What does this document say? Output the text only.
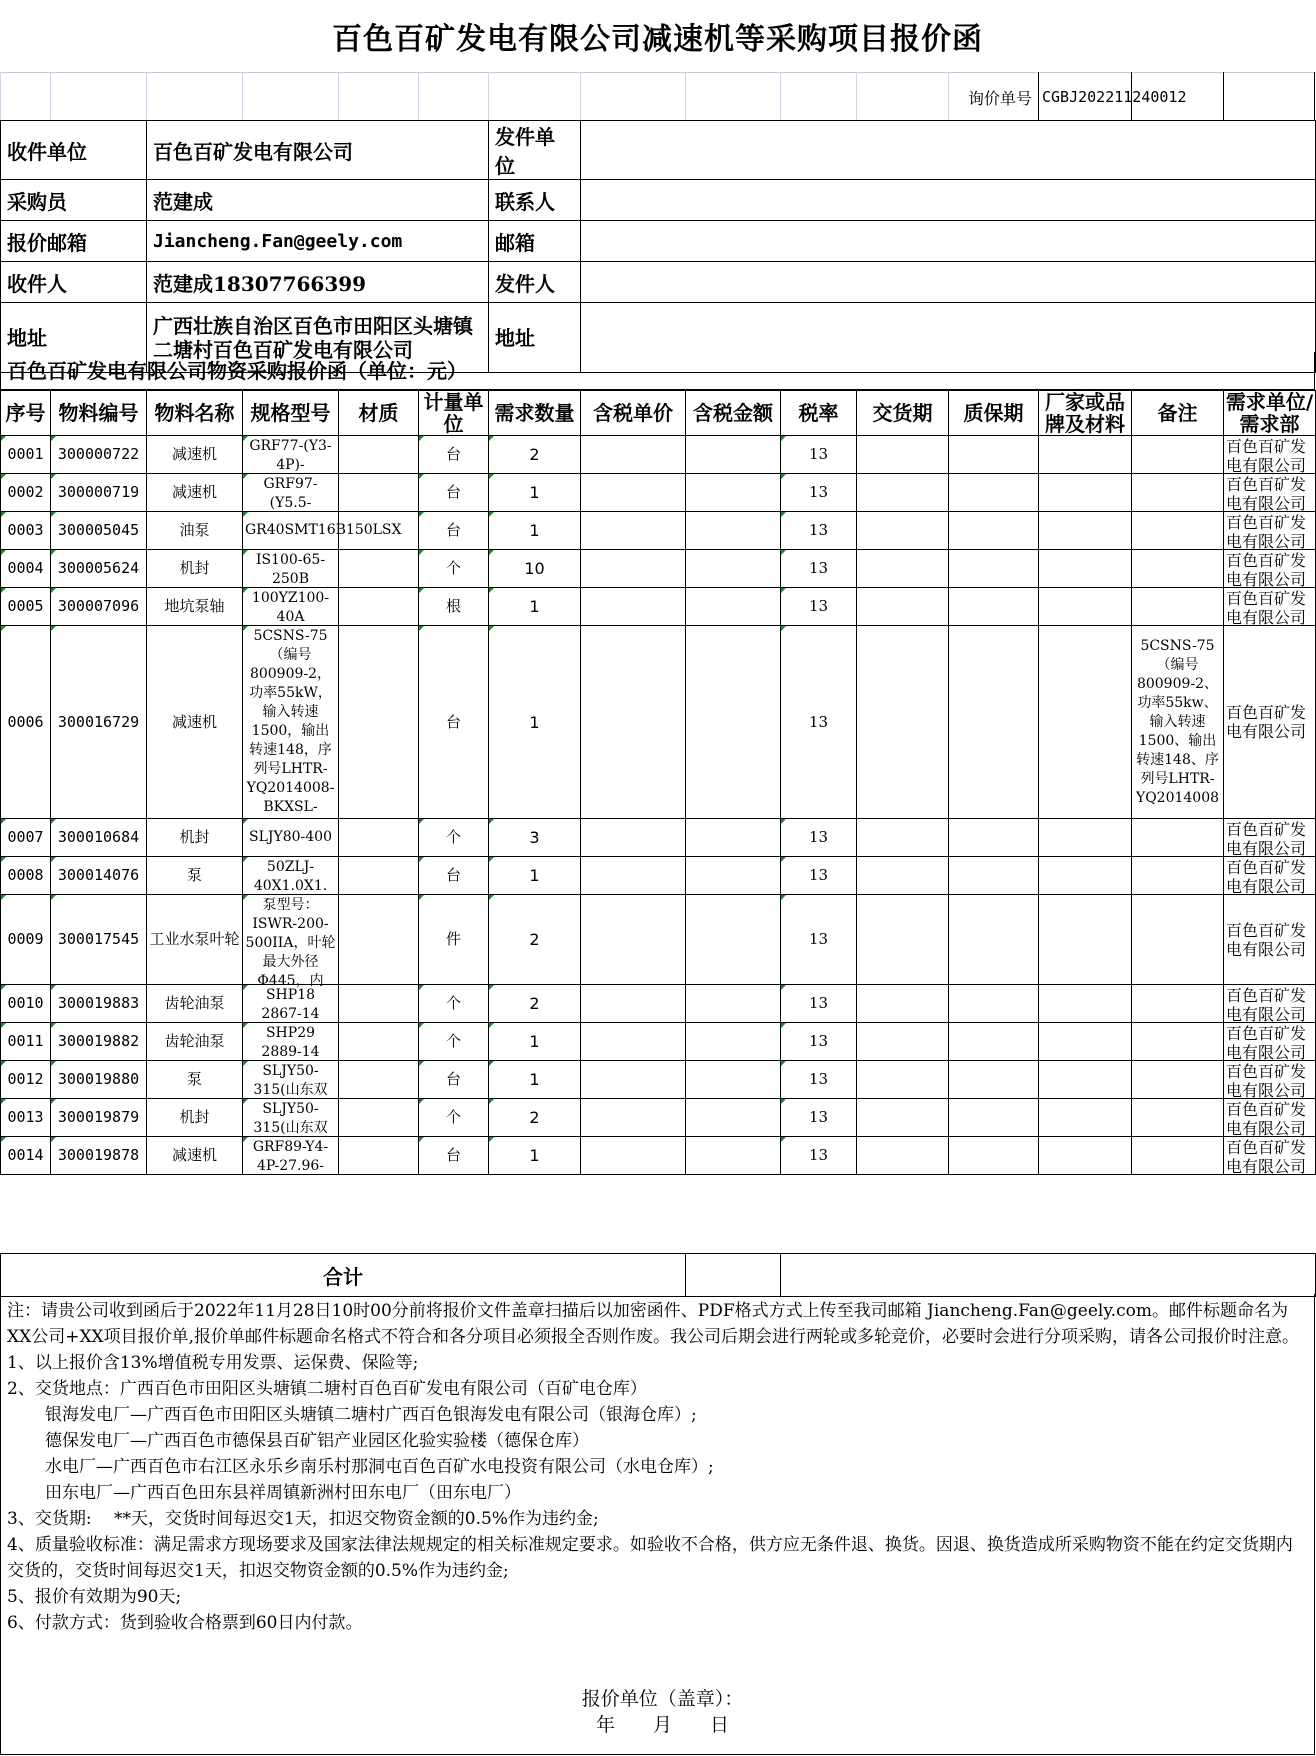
百色百矿发电有限公司减速机等采购项目报价函
询价单号 CGBJ202211240012
收件单位	百色百矿发电有限公司	发件单位	
采购员	范建成	联系人	
报价邮箱	Jiancheng.Fan@geely.com	邮箱	
收件人	范建成18307766399	发件人	
地址	广西壮族自治区百色市田阳区头塘镇二塘村百色百矿发电有限公司	地址	
百色百矿发电有限公司物资采购报价函（单位：元）
序号	物料编号	物料名称	规格型号	材质	计量单位	需求数量	含税单价	含税金额	税率	交货期	质保期	厂家或品牌及材料	备注	需求单位/需求部

0001	300000722	减速机	GRF77-(Y3-4P)-		台	2			13					百色百矿发电有限公司

0002	300000719	减速机	GRF97-(Y5.5-		台	1			13					百色百矿发电有限公司

0003	300005045	油泵	GR40SMT16B150LSX		台	1			13					百色百矿发电有限公司

0004	300005624	机封	IS100-65-250B		个	10			13					百色百矿发电有限公司

0005	300007096	地坑泵轴	100YZ100-40A		根	1			13					百色百矿发电有限公司

0006	300016729	减速机	5CSNS-75（编号800909-2，功率55kW，输入转速1500，输出转速148，序列号LHTR-YQ2014008-BKXSL-		台	1			13				5CSNS-75（编号800909-2、功率55kw、输入转速1500、输出转速148、序列号LHTR-YQ2014008	百色百矿发电有限公司

0007	300010684	机封	SLJY80-400		个	3			13					百色百矿发电有限公司

0008	300014076	泵	50ZLJ-40X1.0X1.		台	1			13					百色百矿发电有限公司

0009	300017545	工业水泵叶轮	泵型号：ISWR-200-500IIA，叶轮最大外径Φ445，内		件	2			13					百色百矿发电有限公司

0010	300019883	齿轮油泵	SHP18 2867-14		个	2			13					百色百矿发电有限公司

0011	300019882	齿轮油泵	SHP29 2889-14		个	1			13					百色百矿发电有限公司

0012	300019880	泵	SLJY50-315(山东双		台	1			13					百色百矿发电有限公司

0013	300019879	机封	SLJY50-315(山东双		个	2			13					百色百矿发电有限公司

0014	300019878	减速机	GRF89-Y4-4P-27.96-		台	1			13					百色百矿发电有限公司
合计		

注：请贵公司收到函后于2022年11月28日10时00分前将报价文件盖章扫描后以加密函件、PDF格式方式上传至我司邮箱 Jiancheng.Fan@geely.com。邮件标题命名为XX公司+XX项目报价单,报价单邮件标题命名格式不符合和各分项目必须报全否则作废。我公司后期会进行两轮或多轮竞价，必要时会进行分项采购，请各公司报价时注意。

1、以上报价含13%增值税专用发票、运保费、保险等;

2、交货地点：广西百色市田阳区头塘镇二塘村百色百矿发电有限公司（百矿电仓库）

银海发电厂—广西百色市田阳区头塘镇二塘村广西百色银海发电有限公司（银海仓库）;

德保发电厂—广西百色市德保县百矿铝产业园区化验实验楼（德保仓库）

水电厂—广西百色市右江区永乐乡南乐村那洞屯百色百矿水电投资有限公司（水电仓库）;

田东电厂—广西百色田东县祥周镇新洲村田东电厂（田东电厂）

3、交货期:　 **天，交货时间每迟交1天，扣迟交物资金额的0.5%作为违约金;

4、质量验收标准：满足需求方现场要求及国家法律法规规定的相关标准规定要求。如验收不合格，供方应无条件退、换货。因退、换货造成所采购物资不能在约定交货期内交货的，交货时间每迟交1天，扣迟交物资金额的0.5%作为违约金;

5、报价有效期为90天;

6、付款方式：货到验收合格票到60日内付款。

报价单位（盖章）：
年　　月　　日
